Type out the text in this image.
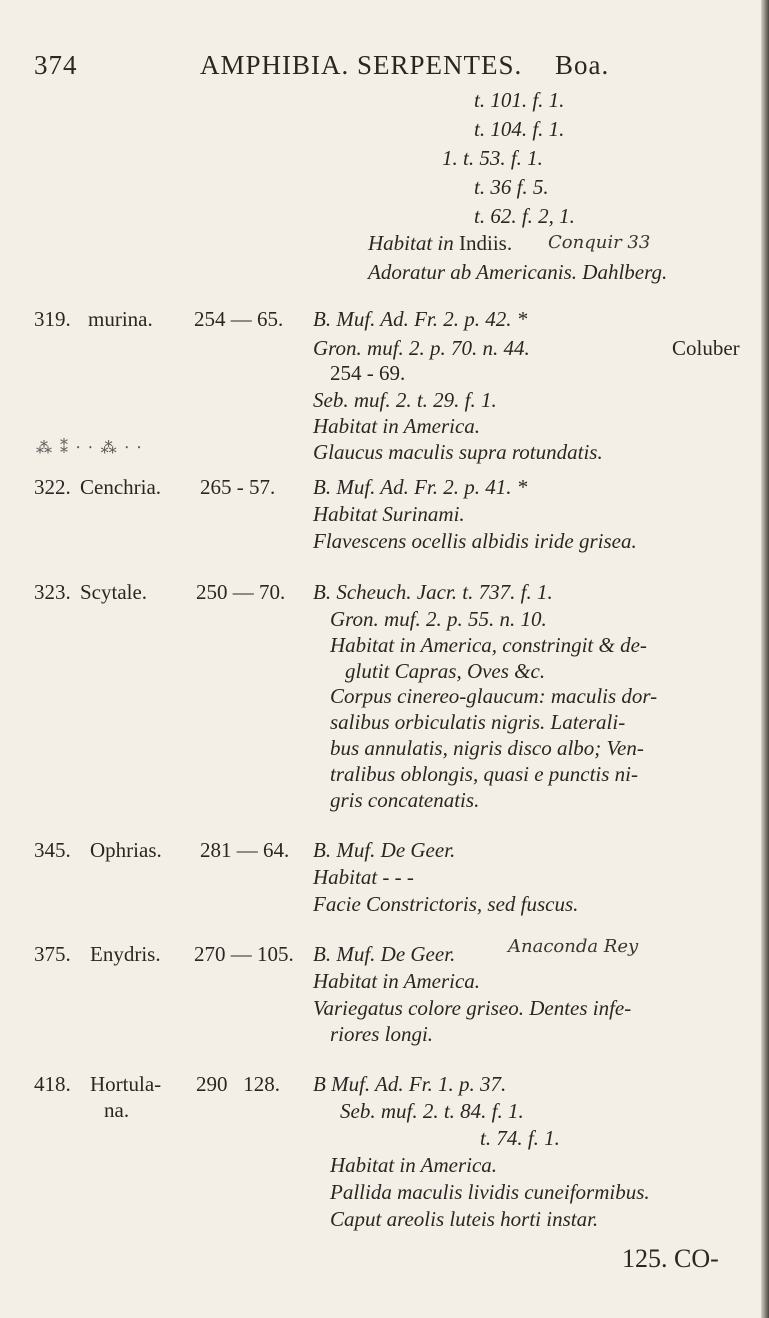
374	AMPHIBIA. SERPENTES. Boa.
t. 101. f. 1.
t. 104. f. 1.
1. t. 53. f. 1.
t. 36 f. 5.
t. 62. f. 2, 1.
Habitat in Indiis. Conquir 33
Adoratur ab Americanis. Dahlberg.
319. murina. 254 — 65. B. Muf. Ad. Fr. 2. p. 42. *
Gron. muf. 2. p. 70. n. 44.	Coluber
254 - 69.
Seb. muf. 2. t. 29. f. 1.
Habitat in America.
Glaucus maculis supra rotundatis.
⁂ ⁑ ⸱ ⸱ ⁂ ⸱ ⸱
322. Cenchria. 265 - 57. B. Muf. Ad. Fr. 2. p. 41. *
Habitat Surinami.
Flavescens ocellis albidis iride grisea.
323. Scytale. 250 — 70. B. Scheuch. Jacr. t. 737. f. 1.
Gron. muf. 2. p. 55. n. 10.
Habitat in America, constringit & de-
glutit Capras, Oves &c.
Corpus cinereo-glaucum: maculis dor-
salibus orbiculatis nigris. Laterali-
bus annulatis, nigris disco albo; Ven-
tralibus oblongis, quasi e punctis ni-
gris concatenatis.
345. Ophrias. 281 — 64. B. Muf. De Geer.
Habitat - - -
Facie Constrictoris, sed fuscus.
375. Enydris. 270 — 105. B. Muf. De Geer.	Anaconda Rey
Habitat in America.
Variegatus colore griseo. Dentes infe-
riores longi.
418. Hortula-
na.
290   128. B Muf. Ad. Fr. 1. p. 37.
Seb. muf. 2. t. 84. f. 1.
t. 74. f. 1.
Habitat in America.
Pallida maculis lividis cuneiformibus.
Caput areolis luteis horti instar.
125. CO-
